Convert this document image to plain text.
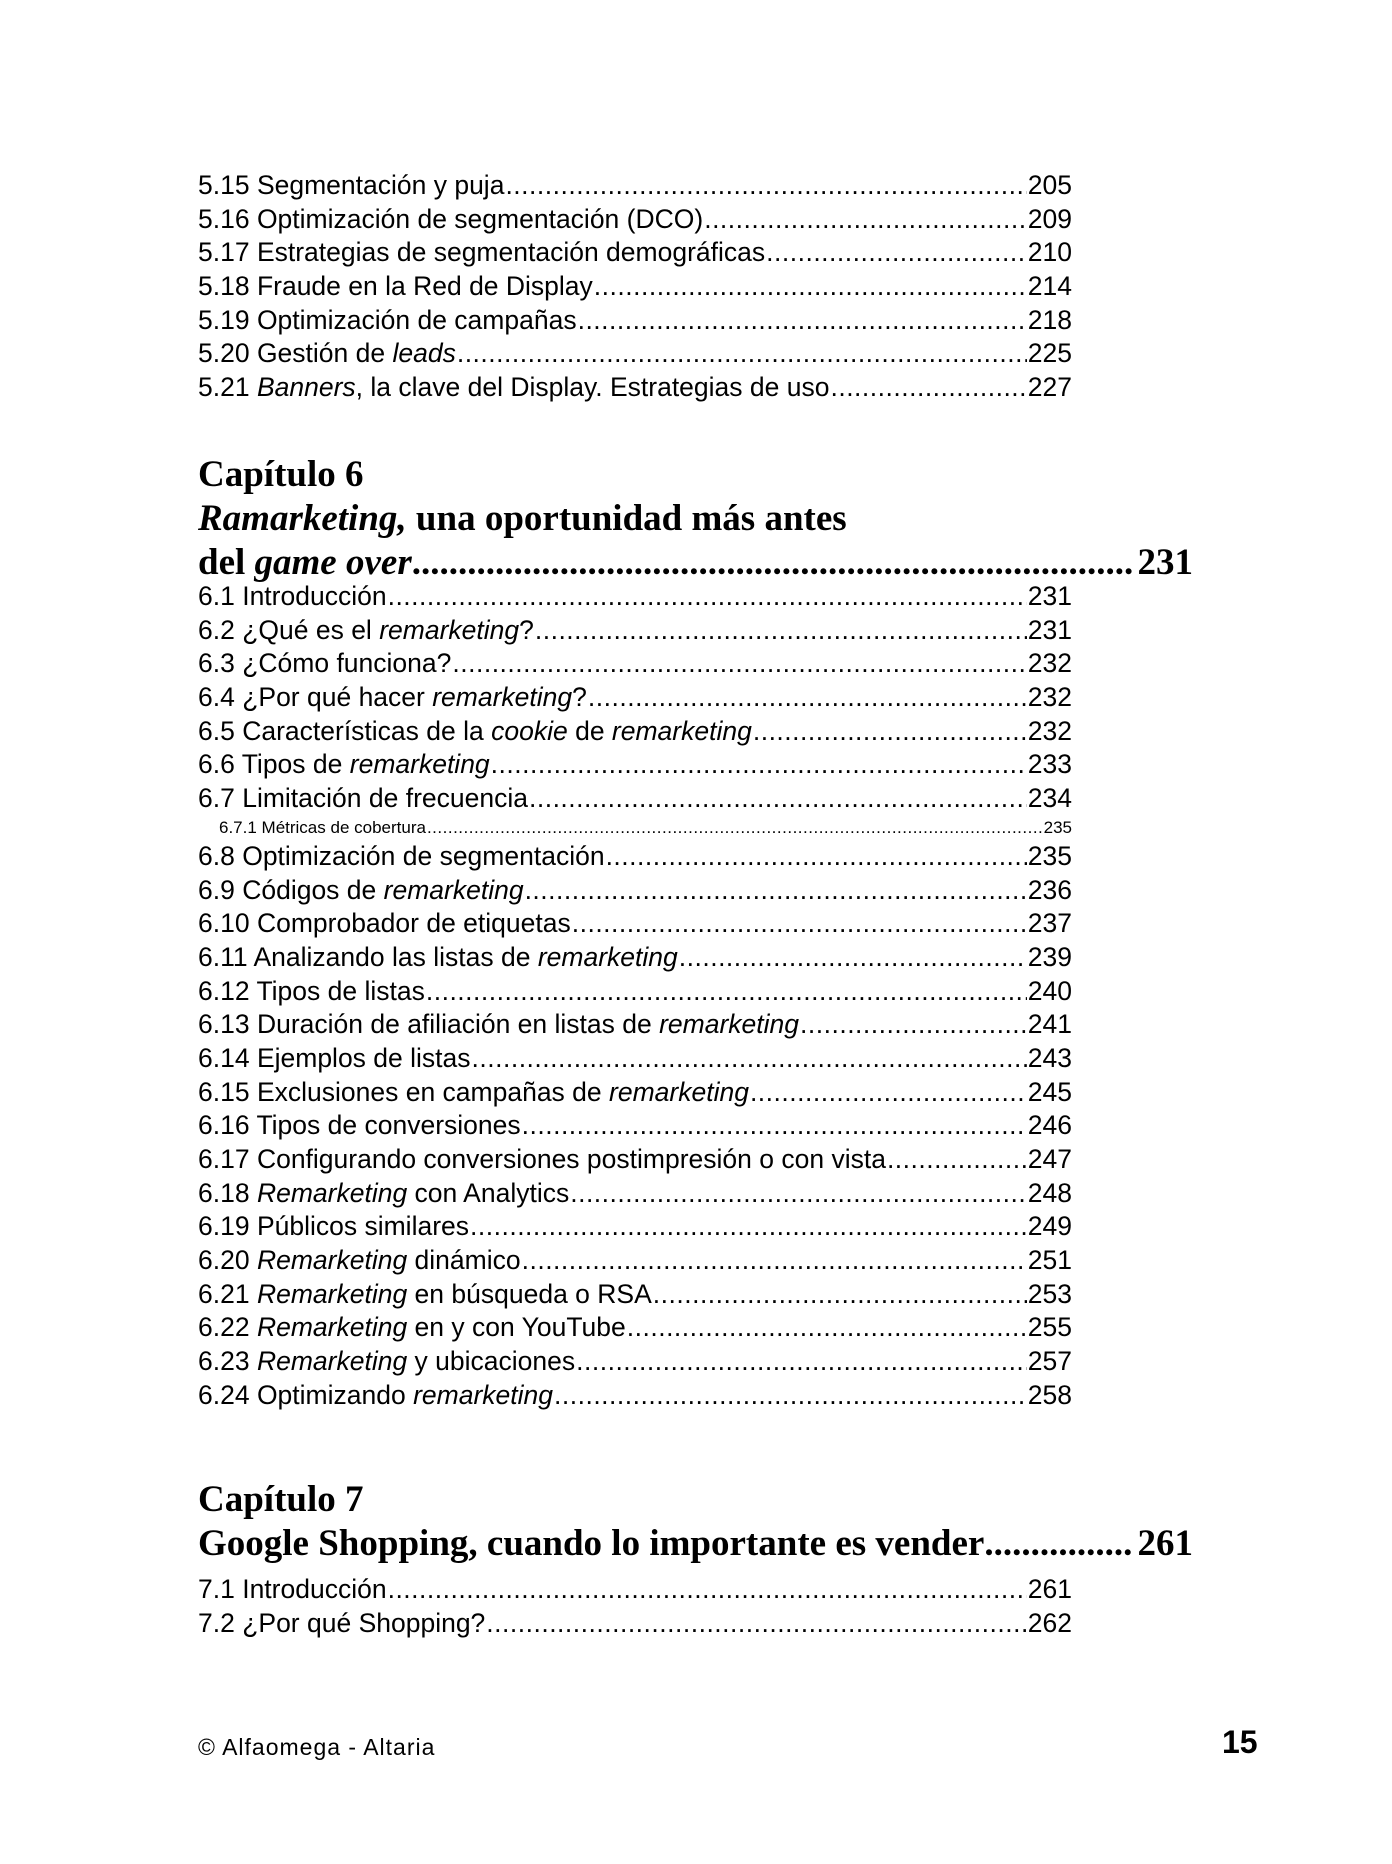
5.15 Segmentación y puja .....	205
5.16 Optimización de segmentación (DCO) .....	209
5.17 Estrategias de segmentación demográficas .....	210
5.18 Fraude en la Red de Display .....	214
5.19 Optimización de campañas .....	218
5.20 Gestión de leads .....	225
5.21 Banners, la clave del Display. Estrategias de uso .....	227
Capítulo 6
Ramarketing, una oportunidad más antes
del game over .....	231
6.1 Introducción .....	231
6.2 ¿Qué es el remarketing? .....	231
6.3 ¿Cómo funciona? .....	232
6.4 ¿Por qué hacer remarketing? .....	232
6.5 Características de la cookie de remarketing .....	232
6.6 Tipos de remarketing .....	233
6.7 Limitación de frecuencia .....	234
6.7.1 Métricas de cobertura .....	235
6.8 Optimización de segmentación .....	235
6.9 Códigos de remarketing .....	236
6.10 Comprobador de etiquetas .....	237
6.11 Analizando las listas de remarketing .....	239
6.12 Tipos de listas .....	240
6.13 Duración de afiliación en listas de remarketing .....	241
6.14 Ejemplos de listas .....	243
6.15 Exclusiones en campañas de remarketing .....	245
6.16 Tipos de conversiones .....	246
6.17 Configurando conversiones postimpresión o con vista .....	247
6.18 Remarketing con Analytics .....	248
6.19 Públicos similares .....	249
6.20 Remarketing dinámico .....	251
6.21 Remarketing en búsqueda o RSA .....	253
6.22 Remarketing en y con YouTube .....	255
6.23 Remarketing y ubicaciones .....	257
6.24 Optimizando remarketing .....	258
Capítulo 7
Google Shopping, cuando lo importante es vender .....	261
7.1 Introducción .....	261
7.2 ¿Por qué Shopping? .....	262
© Alfaomega - Altaria	15
